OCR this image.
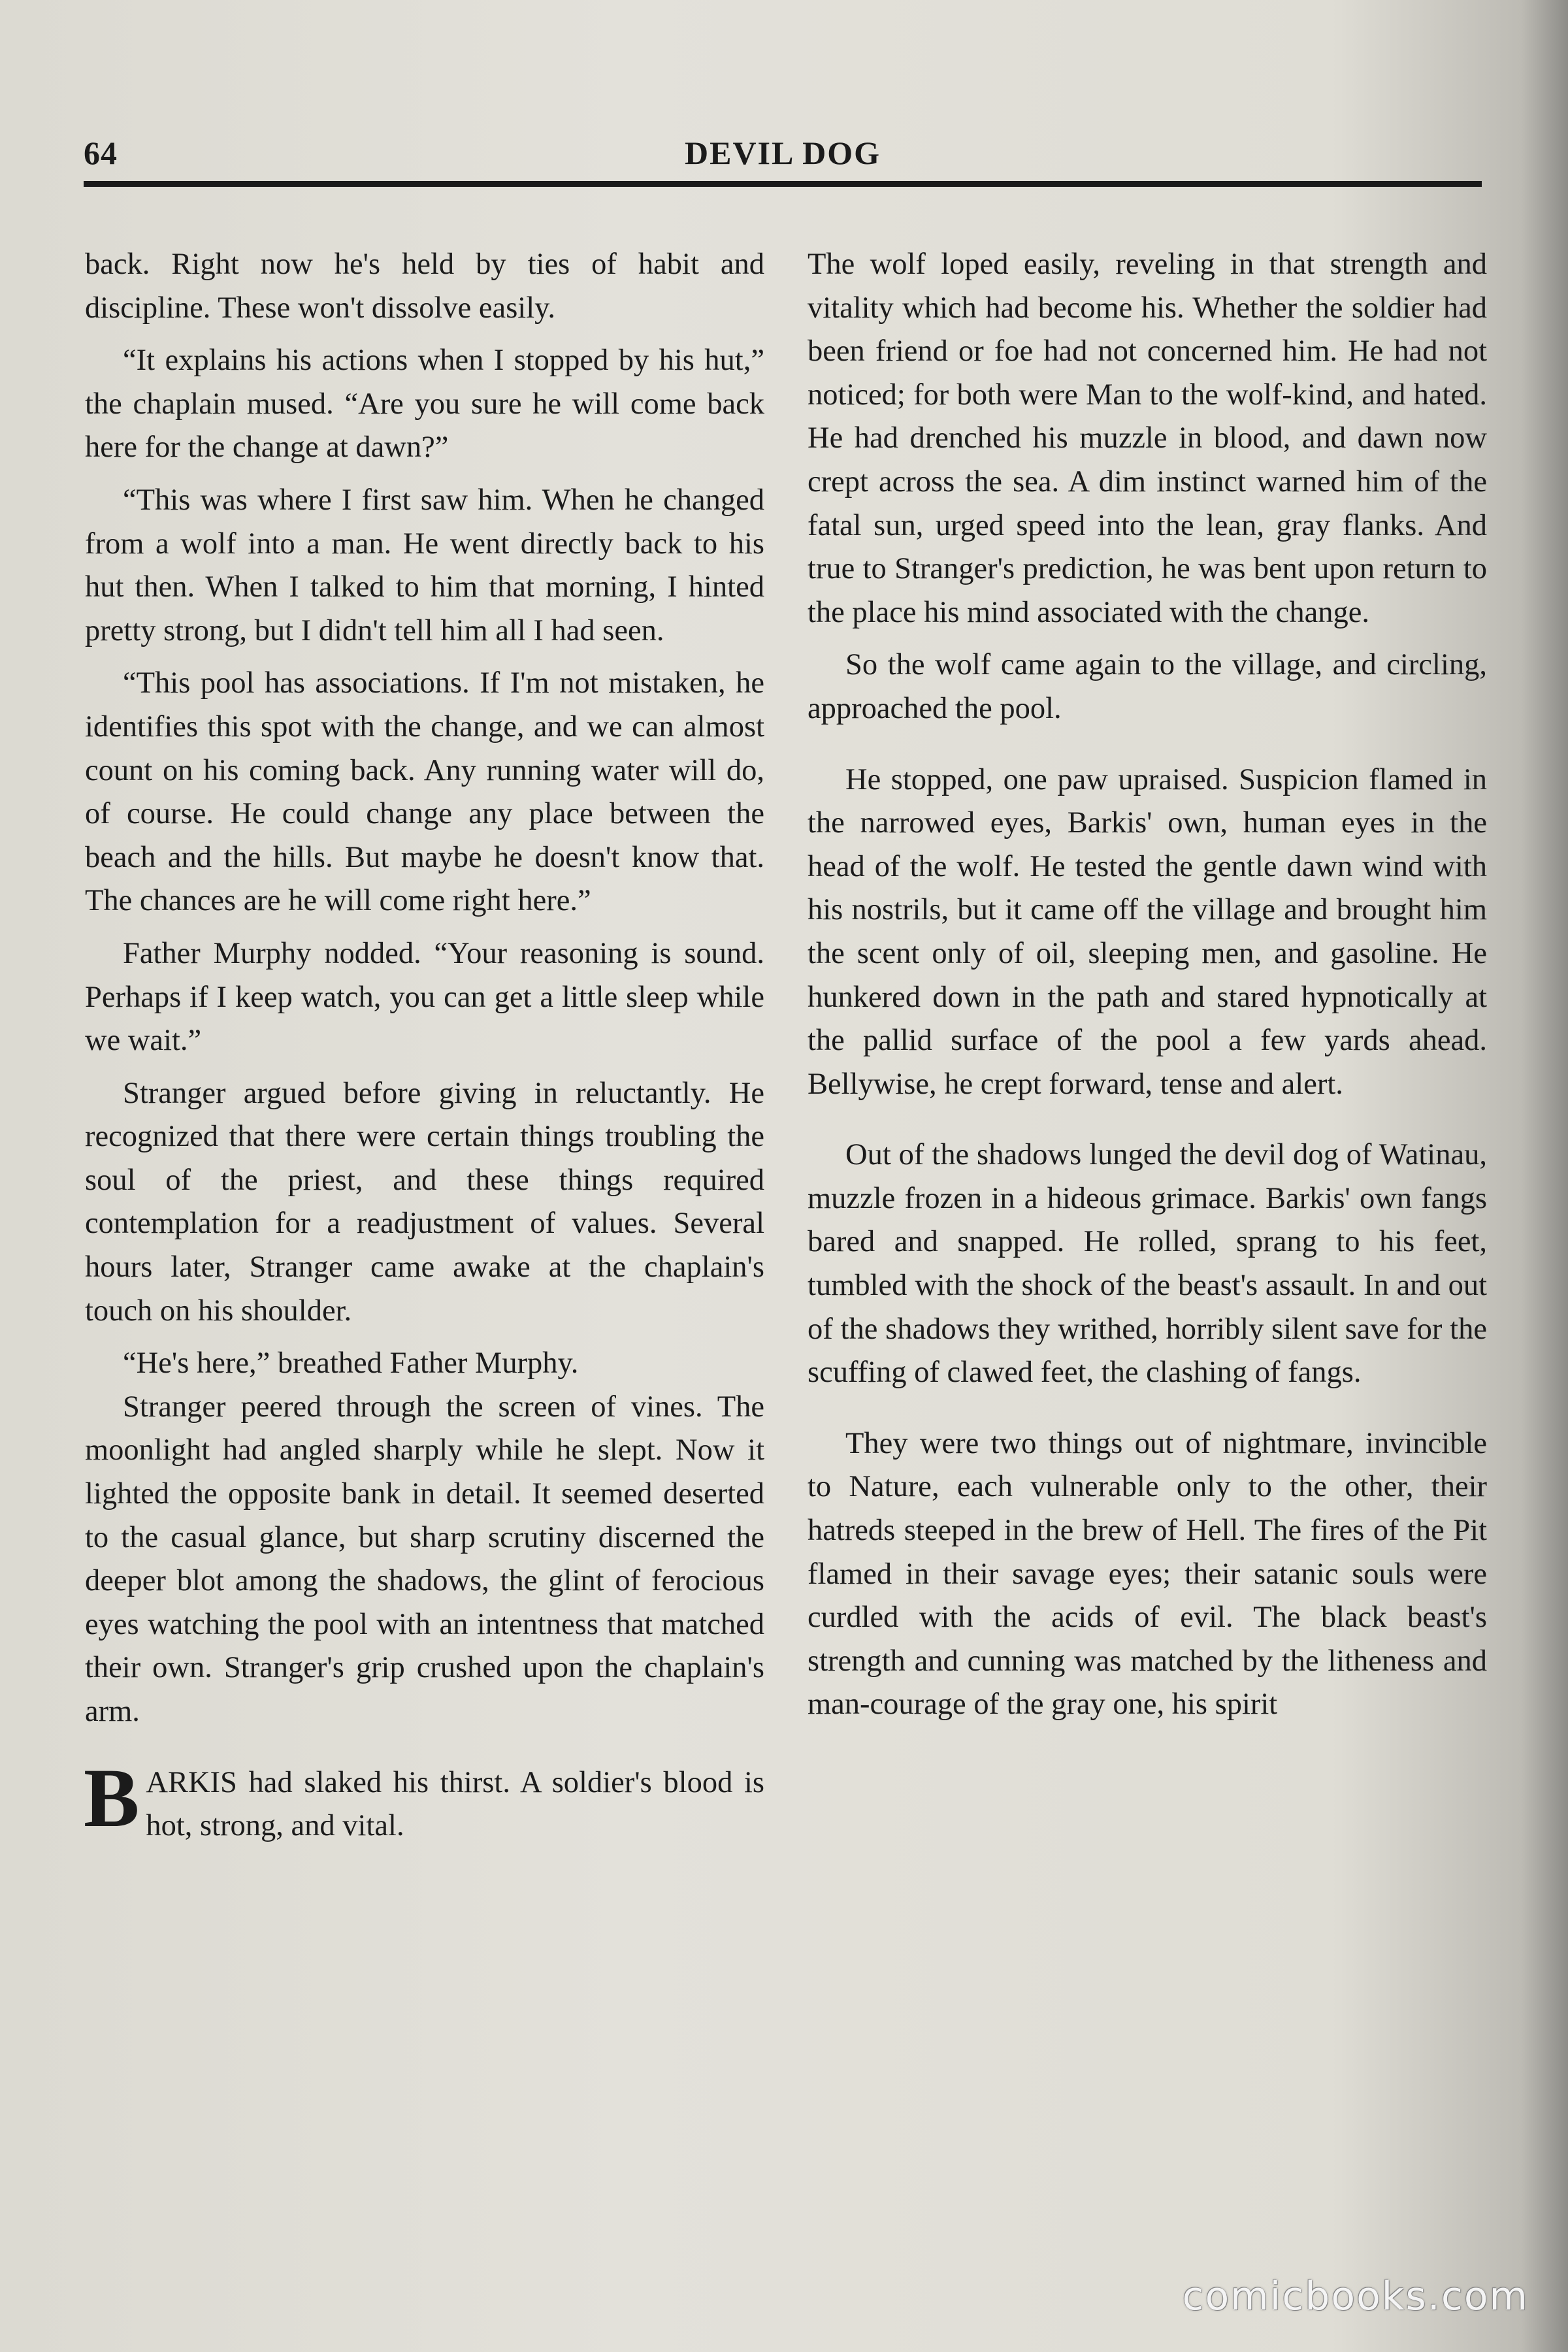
64	DEVIL DOG

back. Right now he's held by ties of habit and discipline. These won't dissolve easily.

“It explains his actions when I stopped by his hut,” the chaplain mused. “Are you sure he will come back here for the change at dawn?”

“This was where I first saw him. When he changed from a wolf into a man. He went directly back to his hut then. When I talked to him that morning, I hinted pretty strong, but I didn't tell him all I had seen.

“This pool has associations. If I'm not mistaken, he identifies this spot with the change, and we can almost count on his coming back. Any running water will do, of course. He could change any place between the beach and the hills. But maybe he doesn't know that. The chances are he will come right here.”

Father Murphy nodded. “Your reasoning is sound. Perhaps if I keep watch, you can get a little sleep while we wait.”

Stranger argued before giving in reluctantly. He recognized that there were certain things troubling the soul of the priest, and these things required contemplation for a readjustment of values. Several hours later, Stranger came awake at the chaplain's touch on his shoulder.

“He's here,” breathed Father Murphy.

Stranger peered through the screen of vines. The moonlight had angled sharply while he slept. Now it lighted the opposite bank in detail. It seemed deserted to the casual glance, but sharp scrutiny discerned the deeper blot among the shadows, the glint of ferocious eyes watching the pool with an intentness that matched their own. Stranger's grip crushed upon the chaplain's arm.

BARKIS had slaked his thirst. A soldier's blood is hot, strong, and vital.

The wolf loped easily, reveling in that strength and vitality which had become his. Whether the soldier had been friend or foe had not concerned him. He had not noticed; for both were Man to the wolf-kind, and hated. He had drenched his muzzle in blood, and dawn now crept across the sea. A dim instinct warned him of the fatal sun, urged speed into the lean, gray flanks. And true to Stranger's prediction, he was bent upon return to the place his mind associated with the change.

So the wolf came again to the village, and circling, approached the pool.

He stopped, one paw upraised. Suspicion flamed in the narrowed eyes, Barkis' own, human eyes in the head of the wolf. He tested the gentle dawn wind with his nostrils, but it came off the village and brought him the scent only of oil, sleeping men, and gasoline. He hunkered down in the path and stared hypnotically at the pallid surface of the pool a few yards ahead. Bellywise, he crept forward, tense and alert.

Out of the shadows lunged the devil dog of Watinau, muzzle frozen in a hideous grimace. Barkis' own fangs bared and snapped. He rolled, sprang to his feet, tumbled with the shock of the beast's assault. In and out of the shadows they writhed, horribly silent save for the scuffing of clawed feet, the clashing of fangs.

They were two things out of nightmare, invincible to Nature, each vulnerable only to the other, their hatreds steeped in the brew of Hell. The fires of the Pit flamed in their savage eyes; their satanic souls were curdled with the acids of evil. The black beast's strength and cunning was matched by the litheness and man-courage of the gray one, his spirit

comicbooks.com
